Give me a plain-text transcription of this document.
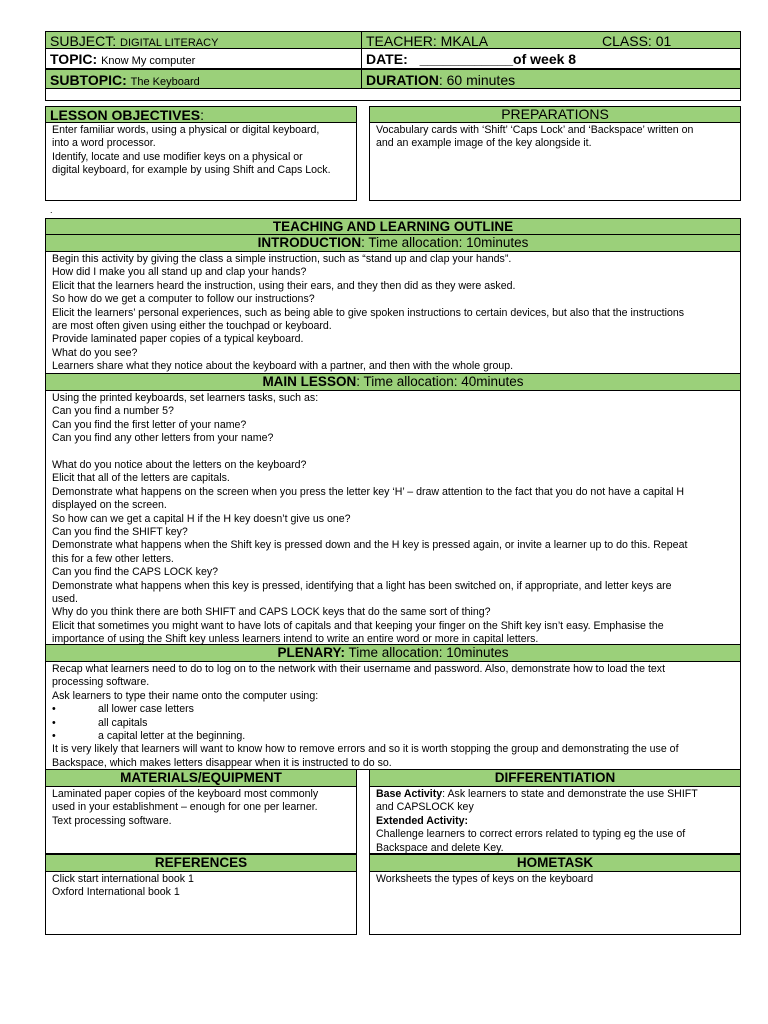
SUBJECT: DIGITAL LITERACY	TEACHER: MKALA	CLASS: 01
TOPIC: Know My computer	DATE: ____________of week 8
SUBTOPIC: The Keyboard	DURATION: 60 minutes
LESSON OBJECTIVES:

Enter familiar words, using a physical or digital keyboard,

into a word processor.

Identify, locate and use modifier keys on a physical or

digital keyboard, for example by using Shift and Caps Lock.

PREPARATIONS

Vocabulary cards with ‘Shift’ ‘Caps Lock’ and ‘Backspace’ written on

and an example image of the key alongside it.

.
TEACHING AND LEARNING OUTLINE
INTRODUCTION: Time allocation: 10minutes

Begin this activity by giving the class a simple instruction, such as “stand up and clap your hands”.

How did I make you all stand up and clap your hands?

Elicit that the learners heard the instruction, using their ears, and they then did as they were asked.

So how do we get a computer to follow our instructions?

Elicit the learners’ personal experiences, such as being able to give spoken instructions to certain devices, but also that the instructions

are most often given using either the touchpad or keyboard.

Provide laminated paper copies of a typical keyboard.

What do you see?

Learners share what they notice about the keyboard with a partner, and then with the whole group.

MAIN LESSON: Time allocation: 40minutes

Using the printed keyboards, set learners tasks, such as:

Can you find a number 5?

Can you find the first letter of your name?

Can you find any other letters from your name?

What do you notice about the letters on the keyboard?

Elicit that all of the letters are capitals.

Demonstrate what happens on the screen when you press the letter key ‘H’ – draw attention to the fact that you do not have a capital H

displayed on the screen.

So how can we get a capital H if the H key doesn’t give us one?

Can you find the SHIFT key?

Demonstrate what happens when the Shift key is pressed down and the H key is pressed again, or invite a learner up to do this. Repeat

this for a few other letters.

Can you find the CAPS LOCK key?

Demonstrate what happens when this key is pressed, identifying that a light has been switched on, if appropriate, and letter keys are

used.

Why do you think there are both SHIFT and CAPS LOCK keys that do the same sort of thing?

Elicit that sometimes you might want to have lots of capitals and that keeping your finger on the Shift key isn’t easy. Emphasise the

importance of using the Shift key unless learners intend to write an entire word or more in capital letters.

PLENARY: Time allocation: 10minutes

Recap what learners need to do to log on to the network with their username and password. Also, demonstrate how to load the text

processing software.

Ask learners to type their name onto the computer using:

•	all lower case letters
•	all capitals
•	a capital letter at the beginning.

It is very likely that learners will want to know how to remove errors and so it is worth stopping the group and demonstrating the use of

Backspace, which makes letters disappear when it is instructed to do so.

MATERIALS/EQUIPMENT

Laminated paper copies of the keyboard most commonly

used in your establishment – enough for one per learner.

Text processing software.

DIFFERENTIATION

Base Activity: Ask learners to state and demonstrate the use SHIFT

and CAPSLOCK key

Extended Activity:

Challenge learners to correct errors related to typing eg the use of

Backspace and delete Key.

REFERENCES

Click start international book 1

Oxford International book 1

HOMETASK

Worksheets the types of keys on the keyboard
